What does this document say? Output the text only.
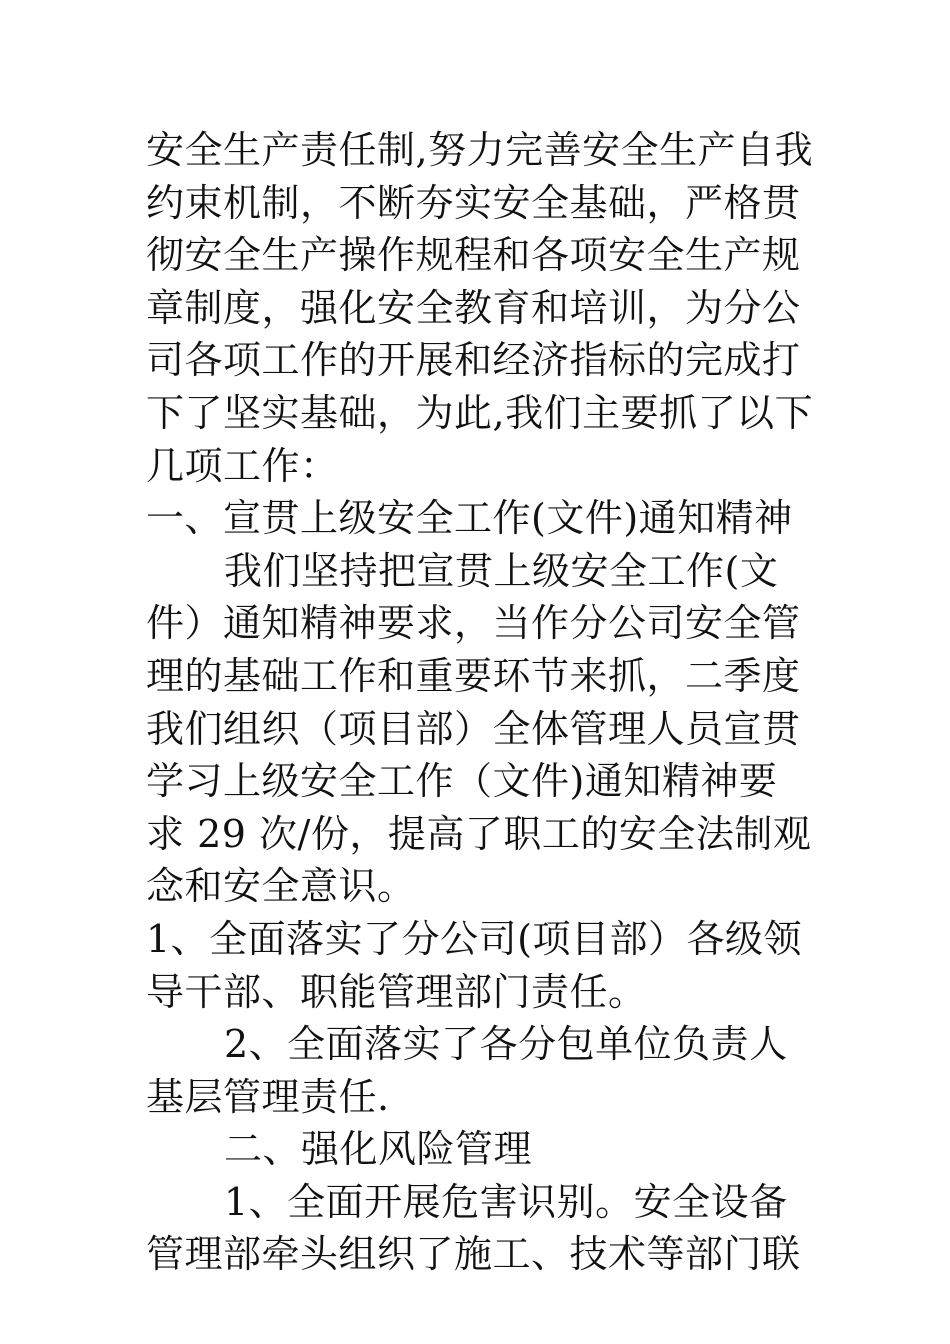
安全生产责任制,努力完善安全生产自我
约束机制，不断夯实安全基础，严格贯
彻安全生产操作规程和各项安全生产规
章制度，强化安全教育和培训，为分公
司各项工作的开展和经济指标的完成打
下了坚实基础，为此,我们主要抓了以下
几项工作：
一、宣贯上级安全工作(文件)通知精神
我们坚持把宣贯上级安全工作(文
件）通知精神要求，当作分公司安全管
理的基础工作和重要环节来抓，二季度
我们组织（项目部）全体管理人员宣贯
学习上级安全工作（文件)通知精神要
求 29 次/份，提高了职工的安全法制观
念和安全意识。
1、全面落实了分公司(项目部）各级领
导干部、职能管理部门责任。
2、全面落实了各分包单位负责人
基层管理责任.
二、强化风险管理
1、全面开展危害识别。安全设备
管理部牵头组织了施工、技术等部门联
